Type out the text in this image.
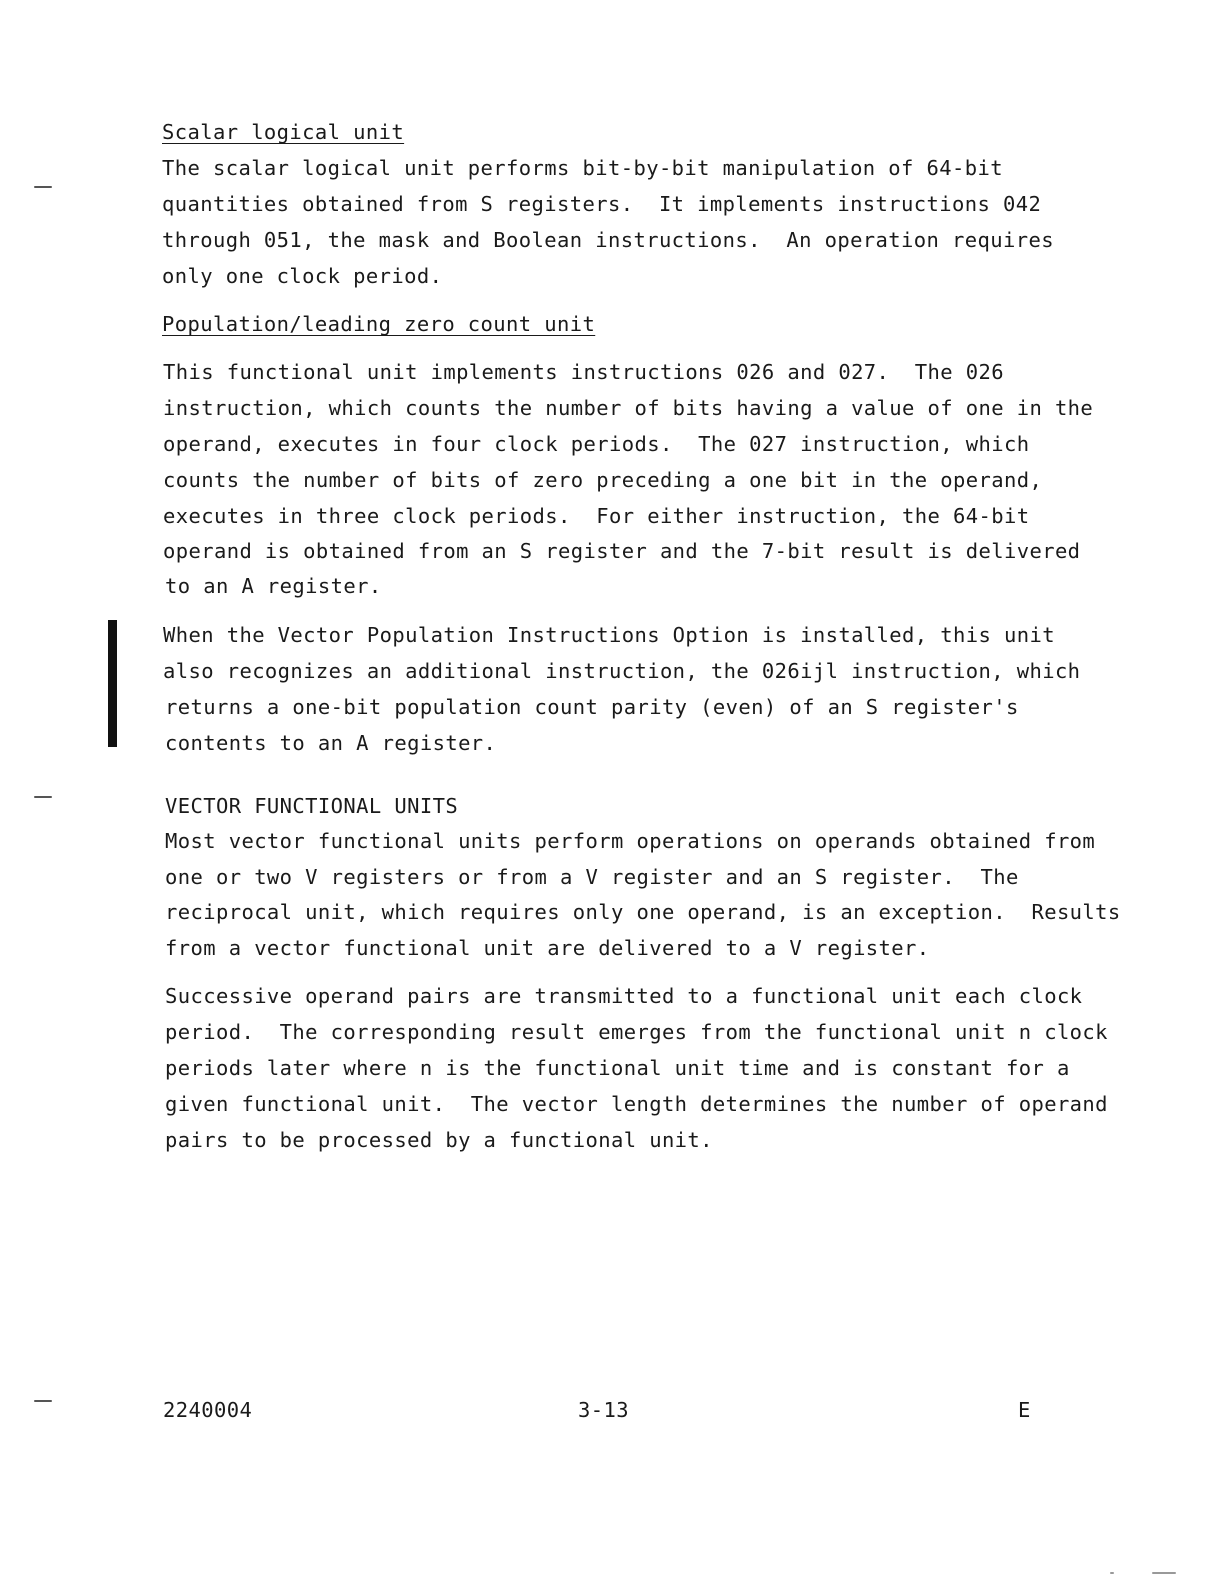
Scalar logical unit
The scalar logical unit performs bit-by-bit manipulation of 64-bit
quantities obtained from S registers.  It implements instructions 042
through 051, the mask and Boolean instructions.  An operation requires
only one clock period.
Population/leading zero count unit
This functional unit implements instructions 026 and 027.  The 026
instruction, which counts the number of bits having a value of one in the
operand, executes in four clock periods.  The 027 instruction, which
counts the number of bits of zero preceding a one bit in the operand,
executes in three clock periods.  For either instruction, the 64-bit
operand is obtained from an S register and the 7-bit result is delivered
to an A register.
When the Vector Population Instructions Option is installed, this unit
also recognizes an additional instruction, the 026ijl instruction, which
returns a one-bit population count parity (even) of an S register's
contents to an A register.
VECTOR FUNCTIONAL UNITS
Most vector functional units perform operations on operands obtained from
one or two V registers or from a V register and an S register.  The
reciprocal unit, which requires only one operand, is an exception.  Results
from a vector functional unit are delivered to a V register.
Successive operand pairs are transmitted to a functional unit each clock
period.  The corresponding result emerges from the functional unit n clock
periods later where n is the functional unit time and is constant for a
given functional unit.  The vector length determines the number of operand
pairs to be processed by a functional unit.
2240004	3-13	E
